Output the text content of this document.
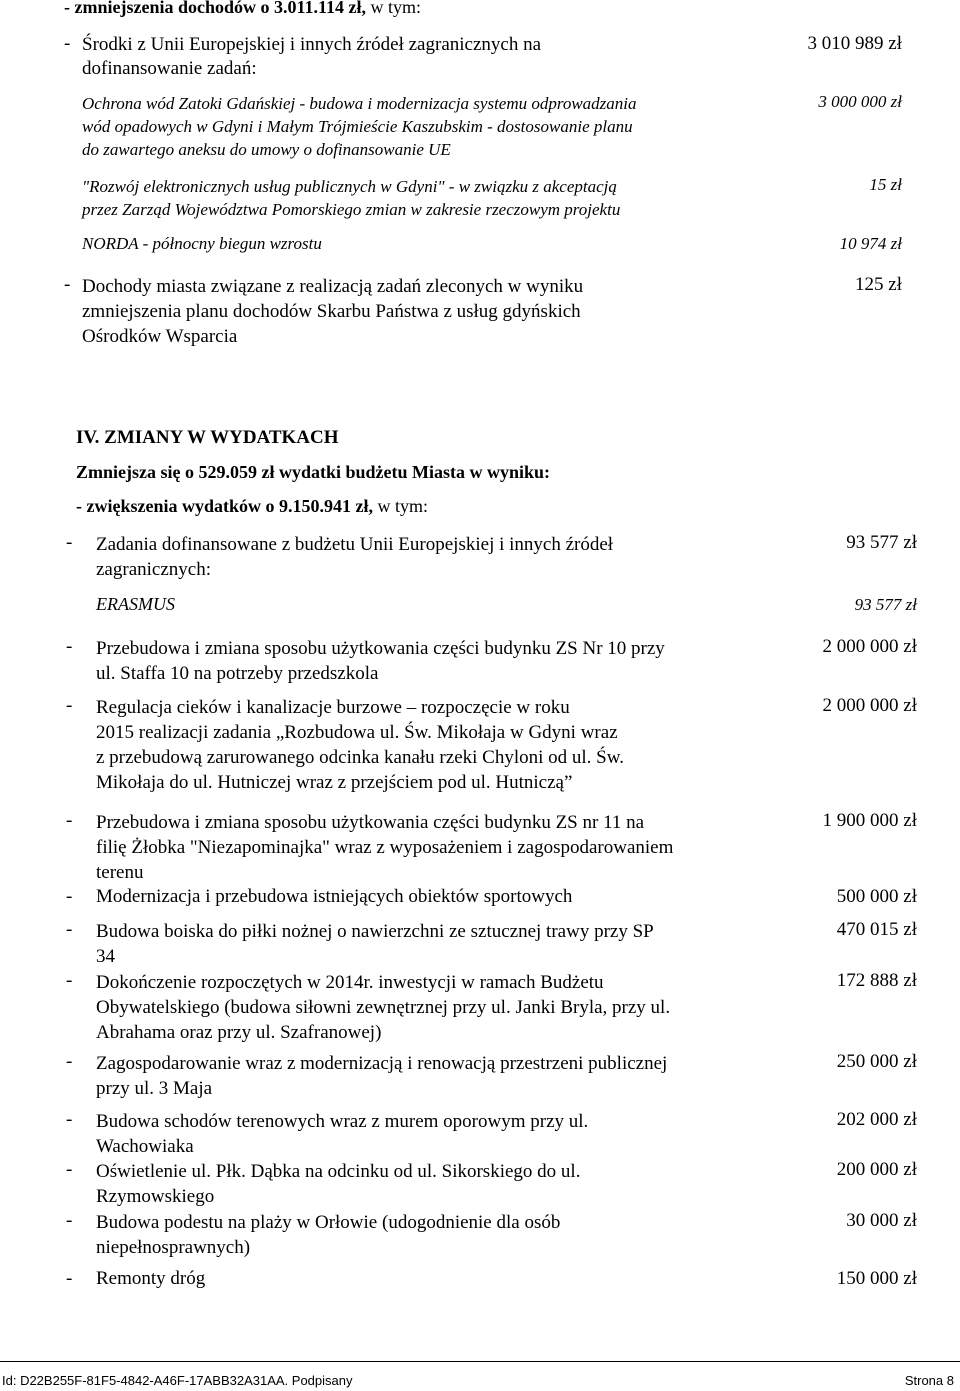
- zmniejszenia dochodów o 3.011.114 zł, w tym:
- Środki z Unii Europejskiej i innych źródeł zagranicznych na
dofinansowanie zadań:
3 010 989 zł
Ochrona wód Zatoki Gdańskiej - budowa i modernizacja systemu odprowadzania
wód opadowych w Gdyni i Małym Trójmieście Kaszubskim - dostosowanie planu
do zawartego aneksu do umowy o dofinansowanie UE
3 000 000 zł
"Rozwój elektronicznych usług publicznych w Gdyni" - w związku z akceptacją
przez Zarząd Województwa Pomorskiego zmian w zakresie rzeczowym projektu
15 zł
NORDA - północny biegun wzrostu	10 974 zł
- Dochody miasta związane z realizacją zadań zleconych w wyniku
zmniejszenia planu dochodów Skarbu Państwa z usług gdyńskich
Ośrodków Wsparcia
125 zł
IV. ZMIANY W WYDATKACH
Zmniejsza się o 529.059 zł wydatki budżetu Miasta w wyniku:
- zwiększenia wydatków o 9.150.941 zł, w tym:
- Zadania dofinansowane z budżetu Unii Europejskiej i innych źródeł
zagranicznych:
93 577 zł
ERASMUS	93 577 zł
- Przebudowa i zmiana sposobu użytkowania części budynku ZS Nr 10 przy
ul. Staffa 10 na potrzeby przedszkola
2 000 000 zł
- Regulacja cieków i kanalizacje burzowe – rozpoczęcie w roku
2015 realizacji zadania „Rozbudowa ul. Św. Mikołaja w Gdyni wraz
z przebudową zarurowanego odcinka kanału rzeki Chyloni od ul. Św.
Mikołaja do ul. Hutniczej wraz z przejściem pod ul. Hutniczą”
2 000 000 zł
- Przebudowa i zmiana sposobu użytkowania części budynku ZS nr 11 na
filię Żłobka "Niezapominajka" wraz z wyposażeniem i zagospodarowaniem
terenu
1 900 000 zł
- Modernizacja i przebudowa istniejących obiektów sportowych	500 000 zł
- Budowa boiska do piłki nożnej o nawierzchni ze sztucznej trawy przy SP
34
470 015 zł
- Dokończenie rozpoczętych w 2014r. inwestycji w ramach Budżetu
Obywatelskiego (budowa siłowni zewnętrznej przy ul. Janki Bryla, przy ul.
Abrahama oraz przy ul. Szafranowej)
172 888 zł
- Zagospodarowanie wraz z modernizacją i renowacją przestrzeni publicznej
przy ul. 3 Maja
250 000 zł
- Budowa schodów terenowych wraz z murem oporowym przy ul.
Wachowiaka
202 000 zł
- Oświetlenie ul. Płk. Dąbka na odcinku od ul. Sikorskiego do ul.
Rzymowskiego
200 000 zł
- Budowa podestu na plaży w Orłowie (udogodnienie dla osób
niepełnosprawnych)
30 000 zł
- Remonty dróg	150 000 zł
Id: D22B255F-81F5-4842-A46F-17ABB32A31AA. Podpisany	Strona 8
